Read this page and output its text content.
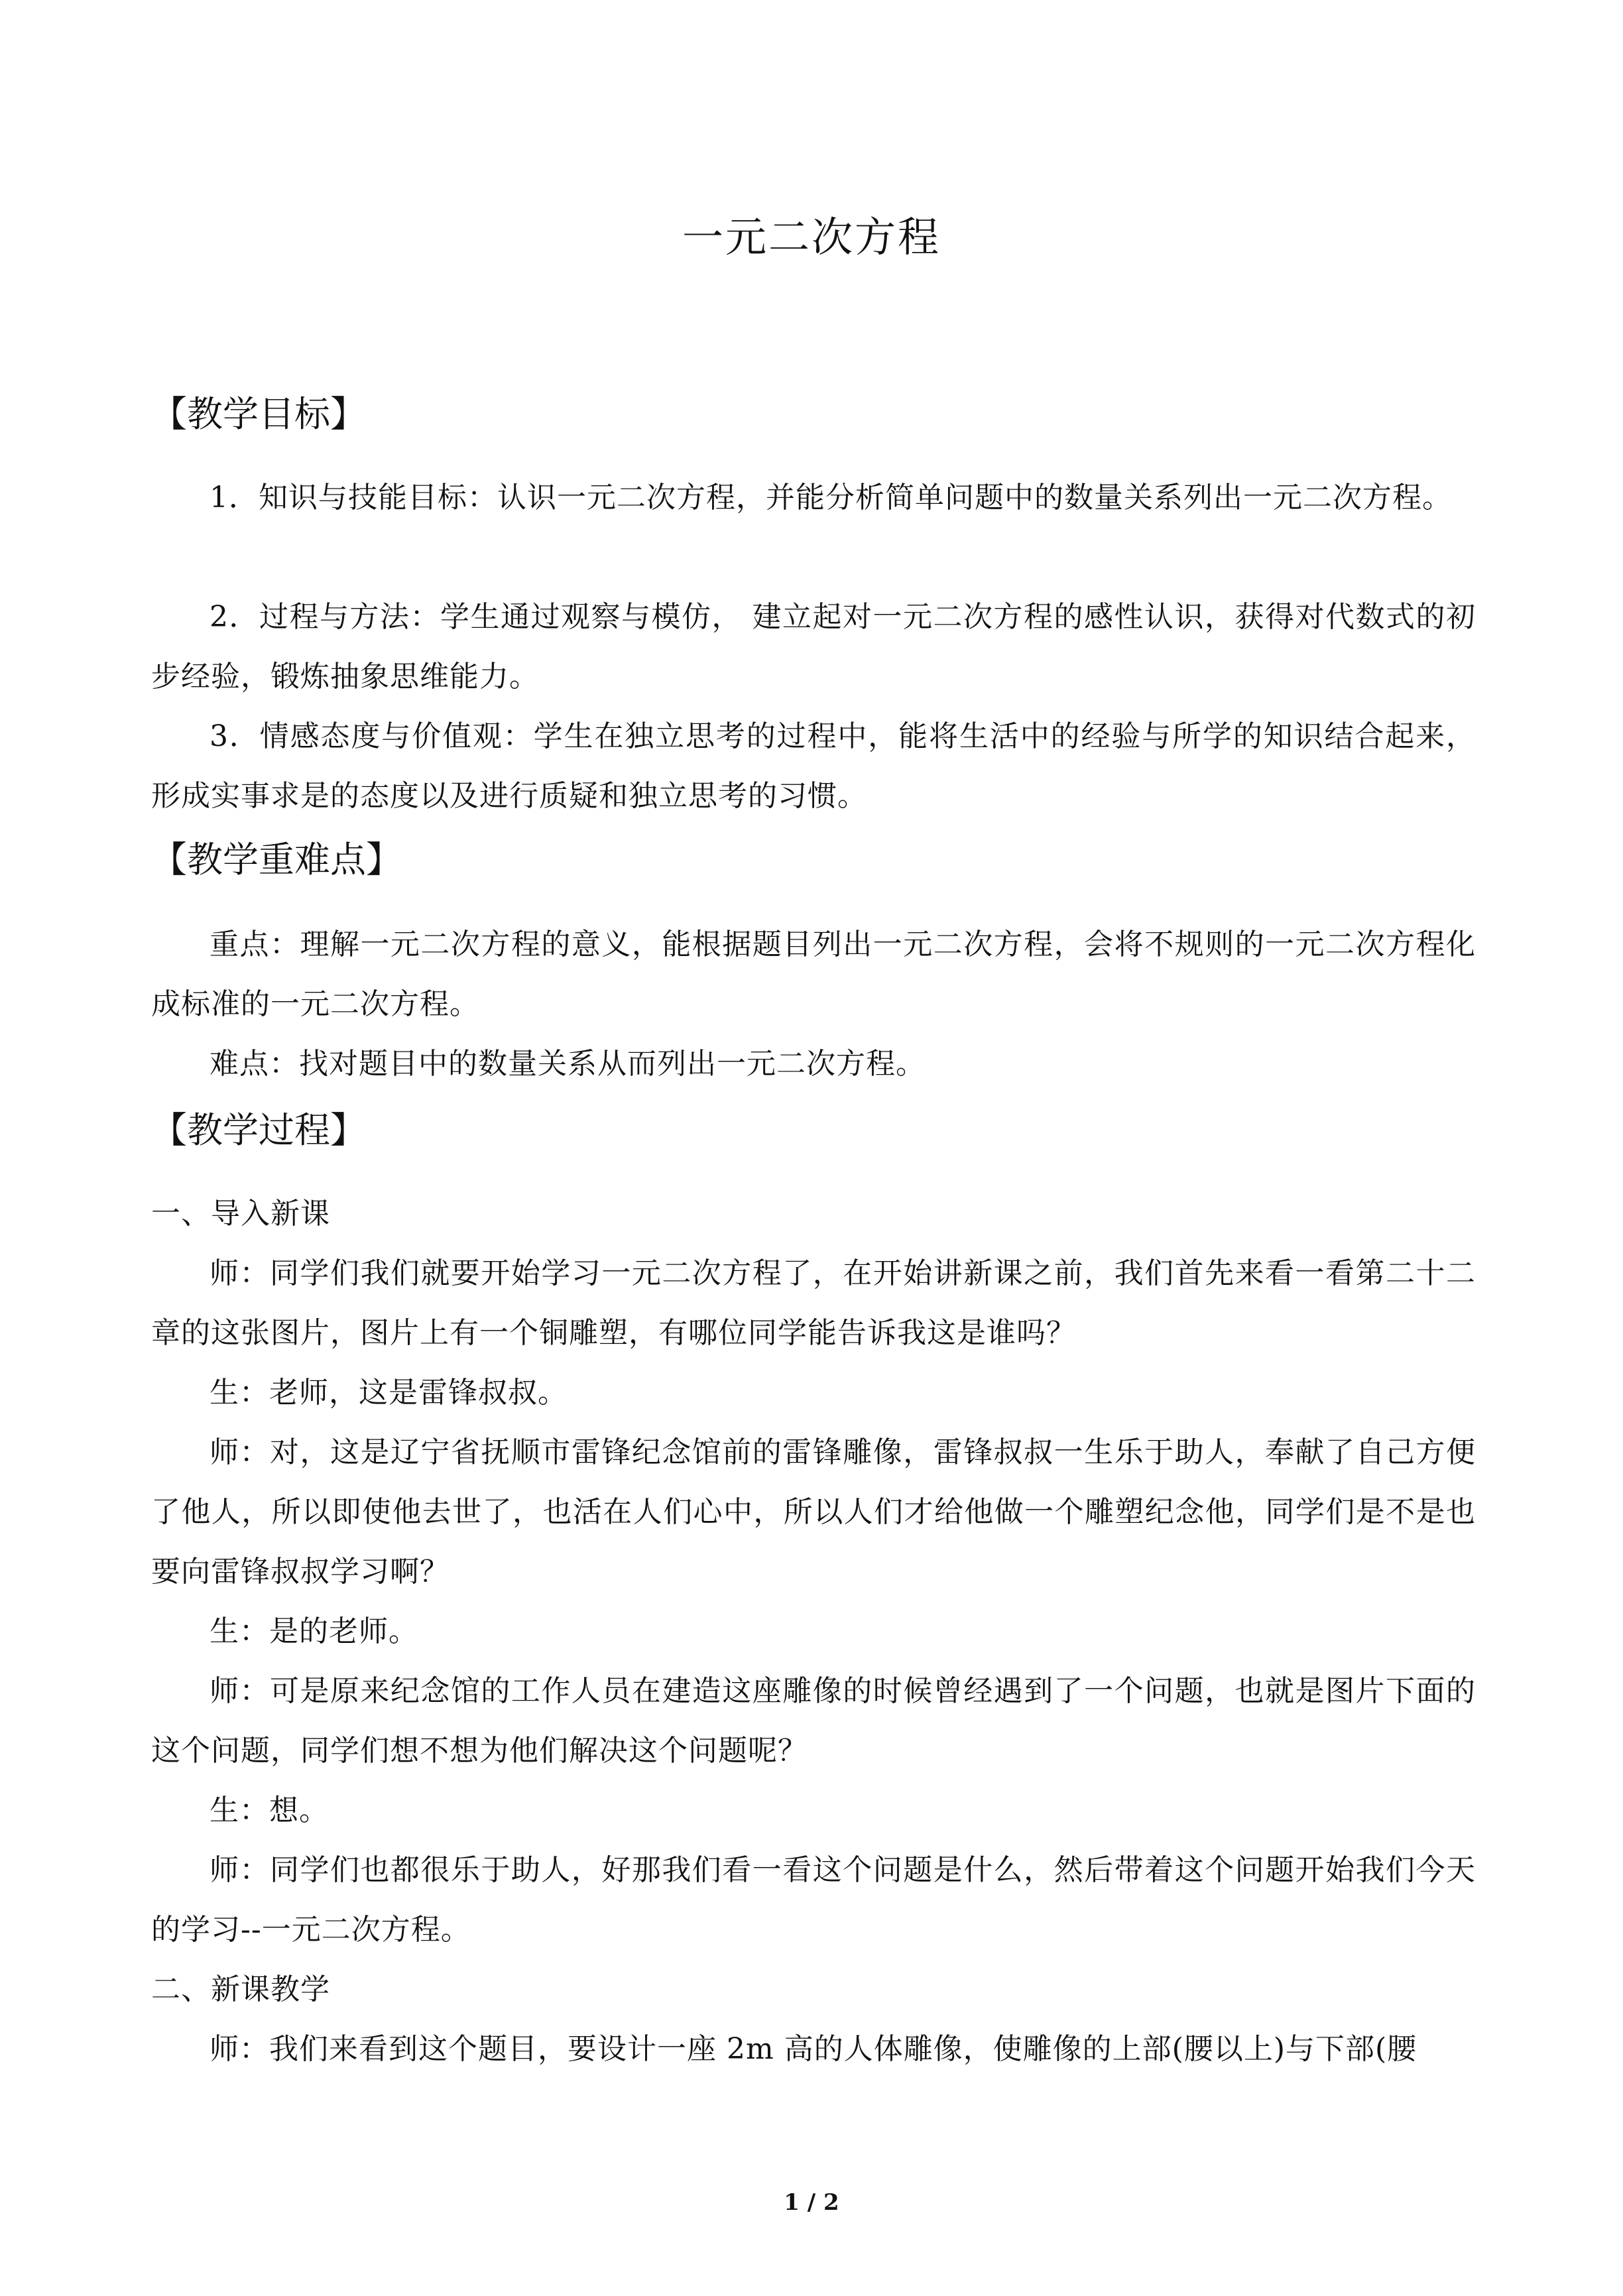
一元二次方程
【教学目标】

1．知识与技能目标：认识一元二次方程，并能分析简单问题中的数量关系列出一元二次方程。

2．过程与方法：学生通过观察与模仿， 建立起对一元二次方程的感性认识，获得对代数式的初步经验，锻炼抽象思维能力。

3．情感态度与价值观：学生在独立思考的过程中，能将生活中的经验与所学的知识结合起来，形成实事求是的态度以及进行质疑和独立思考的习惯。

【教学重难点】

重点：理解一元二次方程的意义，能根据题目列出一元二次方程，会将不规则的一元二次方程化成标准的一元二次方程。

难点：找对题目中的数量关系从而列出一元二次方程。

【教学过程】

一、导入新课

师：同学们我们就要开始学习一元二次方程了，在开始讲新课之前，我们首先来看一看第二十二章的这张图片，图片上有一个铜雕塑，有哪位同学能告诉我这是谁吗？

生：老师，这是雷锋叔叔。

师：对，这是辽宁省抚顺市雷锋纪念馆前的雷锋雕像，雷锋叔叔一生乐于助人，奉献了自己方便了他人，所以即使他去世了，也活在人们心中，所以人们才给他做一个雕塑纪念他，同学们是不是也要向雷锋叔叔学习啊？

生：是的老师。

师：可是原来纪念馆的工作人员在建造这座雕像的时候曾经遇到了一个问题，也就是图片下面的这个问题，同学们想不想为他们解决这个问题呢？

生：想。

师：同学们也都很乐于助人，好那我们看一看这个问题是什么，然后带着这个问题开始我们今天的学习--一元二次方程。

二、新课教学

师：我们来看到这个题目，要设计一座 2m 高的人体雕像，使雕像的上部(腰以上)与下部(腰

1 / 2
